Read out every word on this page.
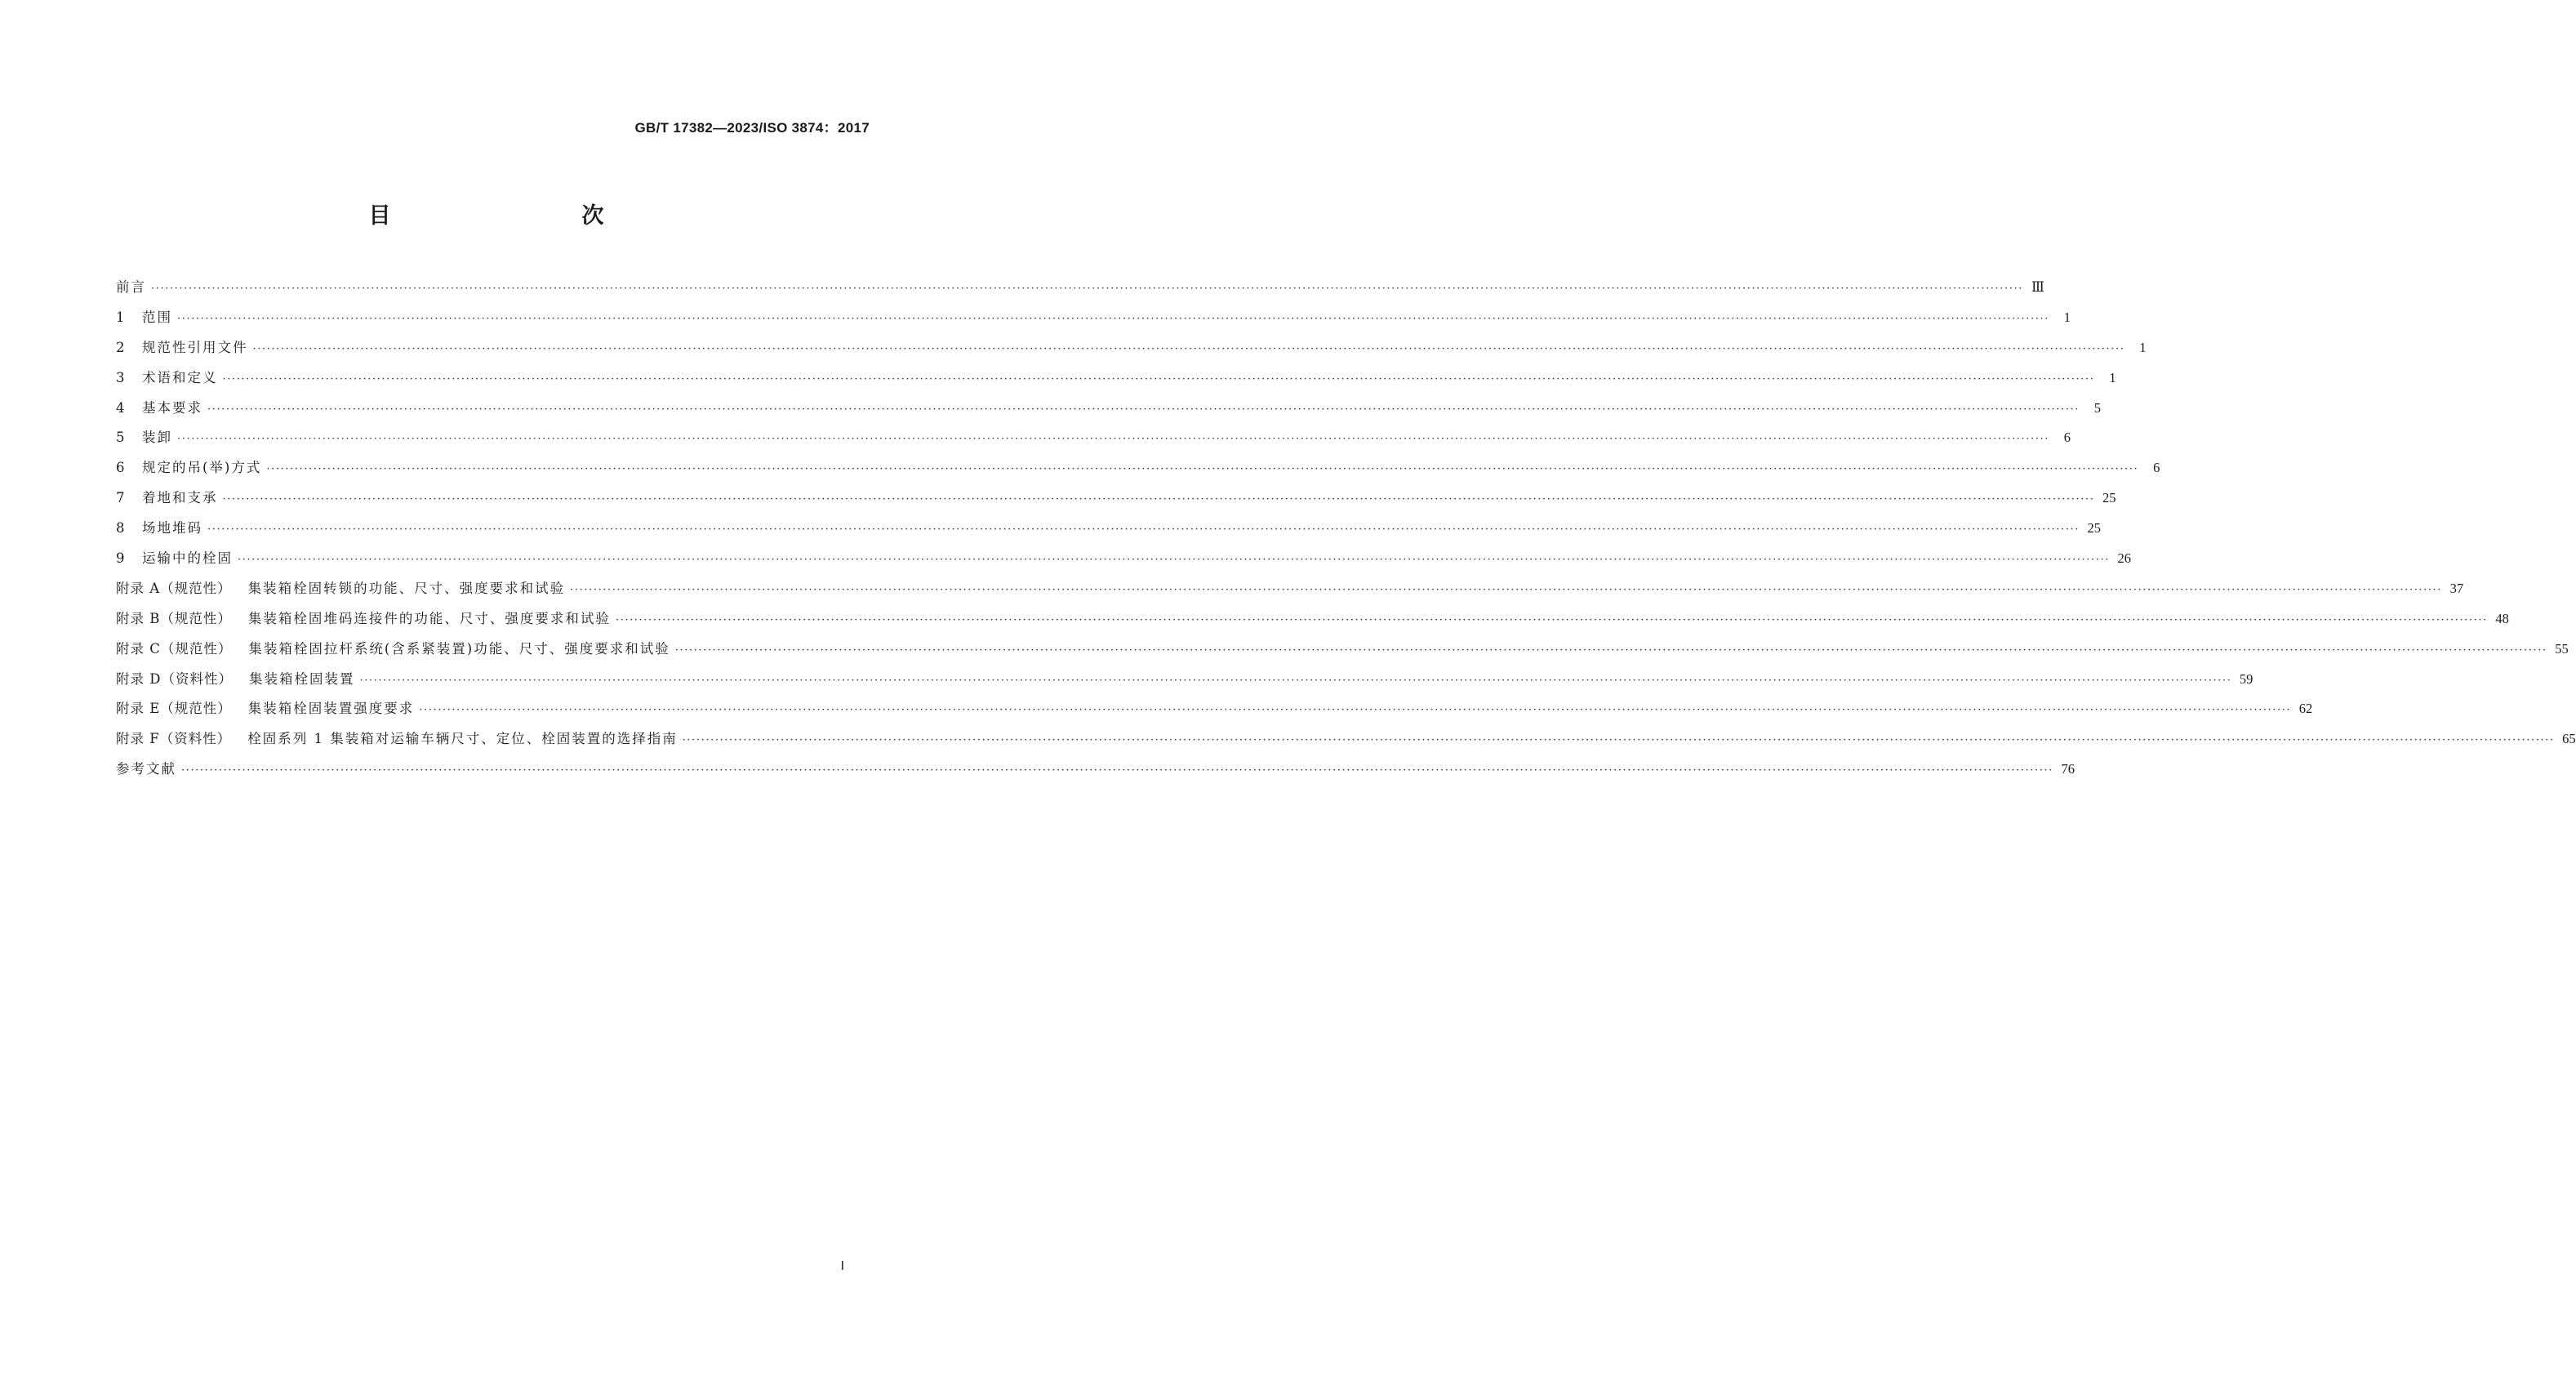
GB/T 17382—2023/ISO 3874：2017
目　　次
前言 ················································································································································································································································································································································································································ Ⅲ
1	范围 ················································································································································································································································································································································································································	1
2	规范性引用文件 ················································································································································································································································································································································································································	1
3	术语和定义 ················································································································································································································································································································································································································	1
4	基本要求 ················································································································································································································································································································································································································	5
5	装卸 ················································································································································································································································································································································································································	6
6	规定的吊(举)方式 ················································································································································································································································································································································································································	6
7	着地和支承 ················································································································································································································································································································································································································ 25
8	场地堆码 ················································································································································································································································································································································································································ 25
9	运输中的栓固 ················································································································································································································································································································································································································ 26
附录 A（规范性） 集装箱栓固转锁的功能、尺寸、强度要求和试验 ················································································································································································································································································································································································································ 37
附录 B（规范性） 集装箱栓固堆码连接件的功能、尺寸、强度要求和试验 ················································································································································································································································································································································································································ 48
附录 C（规范性） 集装箱栓固拉杆系统(含系紧装置)功能、尺寸、强度要求和试验 ················································································································································································································································································································································································································ 55
附录 D（资料性） 集装箱栓固装置 ················································································································································································································································································································································································································ 59
附录 E（规范性） 集装箱栓固装置强度要求 ················································································································································································································································································································································································································ 62
附录 F（资料性） 栓固系列 1 集装箱对运输车辆尺寸、定位、栓固装置的选择指南 ················································································································································································································································································································································································································ 65
参考文献 ················································································································································································································································································································································································································ 76
Ⅰ
